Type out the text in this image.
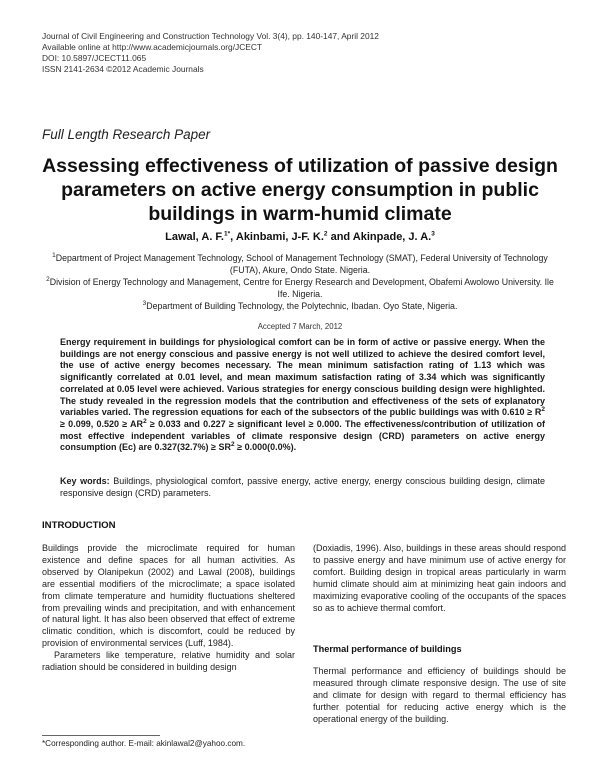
Journal of Civil Engineering and Construction Technology Vol. 3(4), pp. 140-147, April 2012
Available online at http://www.academicjournals.org/JCECT
DOI: 10.5897/JCECT11.065
ISSN 2141-2634 ©2012 Academic Journals
Full Length Research Paper
Assessing effectiveness of utilization of passive design parameters on active energy consumption in public buildings in warm-humid climate
Lawal, A. F.$^{1*}$, Akinbami, J-F. K.$^2$ and Akinpade, J. A.$^3$
$^1$Department of Project Management Technology, School of Management Technology (SMAT), Federal University of Technology (FUTA), Akure, Ondo State. Nigeria.
$^2$Division of Energy Technology and Management, Centre for Energy Research and Development, Obafemi Awolowo University. Ile Ife. Nigeria.
$^3$Department of Building Technology, the Polytechnic, Ibadan. Oyo State, Nigeria.
Accepted 7 March, 2012
Energy requirement in buildings for physiological comfort can be in form of active or passive energy. When the buildings are not energy conscious and passive energy is not well utilized to achieve the desired comfort level, the use of active energy becomes necessary. The mean minimum satisfaction rating of 1.13 which was significantly correlated at 0.01 level, and mean maximum satisfaction rating of 3.34 which was significantly correlated at 0.05 level were achieved. Various strategies for energy conscious building design were highlighted. The study revealed in the regression models that the contribution and effectiveness of the sets of explanatory variables varied. The regression equations for each of the subsectors of the public buildings was with $0.610 \ge R^2 \ge 0.099$, $0.520 \ge AR^2 \ge 0.033$ and 0.227 ≥ significant level ≥ 0.000. The effectiveness/contribution of utilization of most effective independent variables of climate responsive design (CRD) parameters on active energy consumption (Ec) are $0.327(32.7\%) \ge SR^2 \ge 0.000(0.0\%)$.
Key words: Buildings, physiological comfort, passive energy, active energy, energy conscious building design, climate responsive design (CRD) parameters.
INTRODUCTION

Buildings provide the microclimate required for human existence and define spaces for all human activities. As observed by Olanipekun (2002) and Lawal (2008), buildings are essential modifiers of the microclimate; a space isolated from climate temperature and humidity fluctuations sheltered from prevailing winds and precipitation, and with enhancement of natural light. It has also been observed that effect of extreme climatic condition, which is discomfort, could be reduced by provision of environmental services (Luff, 1984).

Parameters like temperature, relative humidity and solar radiation should be considered in building design

(Doxiadis, 1996). Also, buildings in these areas should respond to passive energy and have minimum use of active energy for comfort. Building design in tropical areas particularly in warm humid climate should aim at minimizing heat gain indoors and maximizing evaporative cooling of the occupants of the spaces so as to achieve thermal comfort.

Thermal performance of buildings

Thermal performance and efficiency of buildings should be measured through climate responsive design. The use of site and climate for design with regard to thermal efficiency has further potential for reducing active energy which is the operational energy of the building.

*Corresponding author. E-mail: akinlawal2@yahoo.com.
